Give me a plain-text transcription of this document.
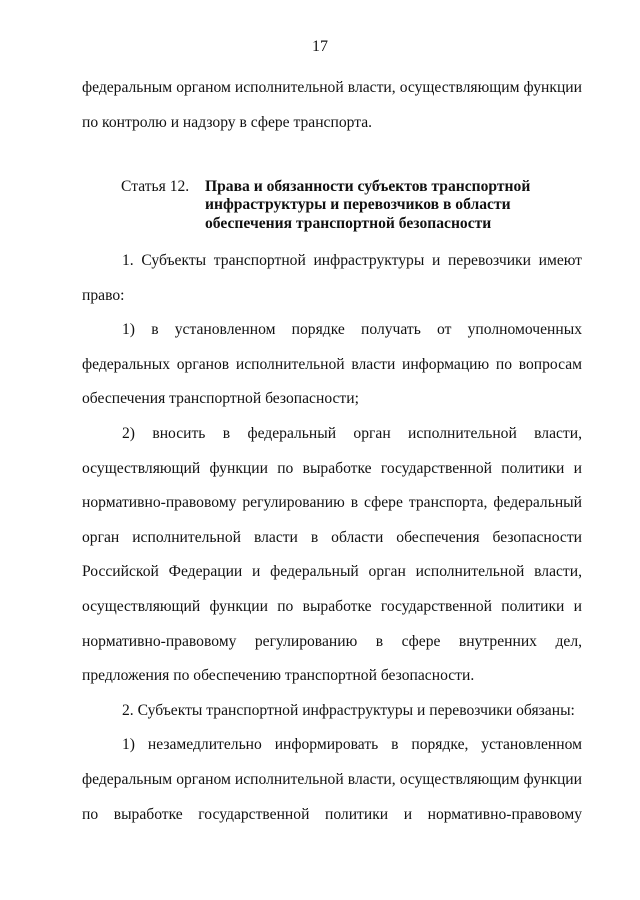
17
федеральным органом исполнительной власти, осуществляющим функции
по контролю и надзору в сфере транспорта.
Статья 12. Права и обязанности субъектов транспортной
инфраструктуры и перевозчиков в области
обеспечения транспортной безопасности
1. Субъекты транспортной инфраструктуры и перевозчики имеют
право:
1) в установленном порядке получать от уполномоченных
федеральных органов исполнительной власти информацию по вопросам
обеспечения транспортной безопасности;
2) вносить в федеральный орган исполнительной власти,
осуществляющий функции по выработке государственной политики и
нормативно-правовому регулированию в сфере транспорта, федеральный
орган исполнительной власти в области обеспечения безопасности
Российской Федерации и федеральный орган исполнительной власти,
осуществляющий функции по выработке государственной политики и
нормативно-правовому регулированию в сфере внутренних дел,
предложения по обеспечению транспортной безопасности.
2. Субъекты транспортной инфраструктуры и перевозчики обязаны:
1) незамедлительно информировать в порядке, установленном
федеральным органом исполнительной власти, осуществляющим функции
по выработке государственной политики и нормативно-правовому
